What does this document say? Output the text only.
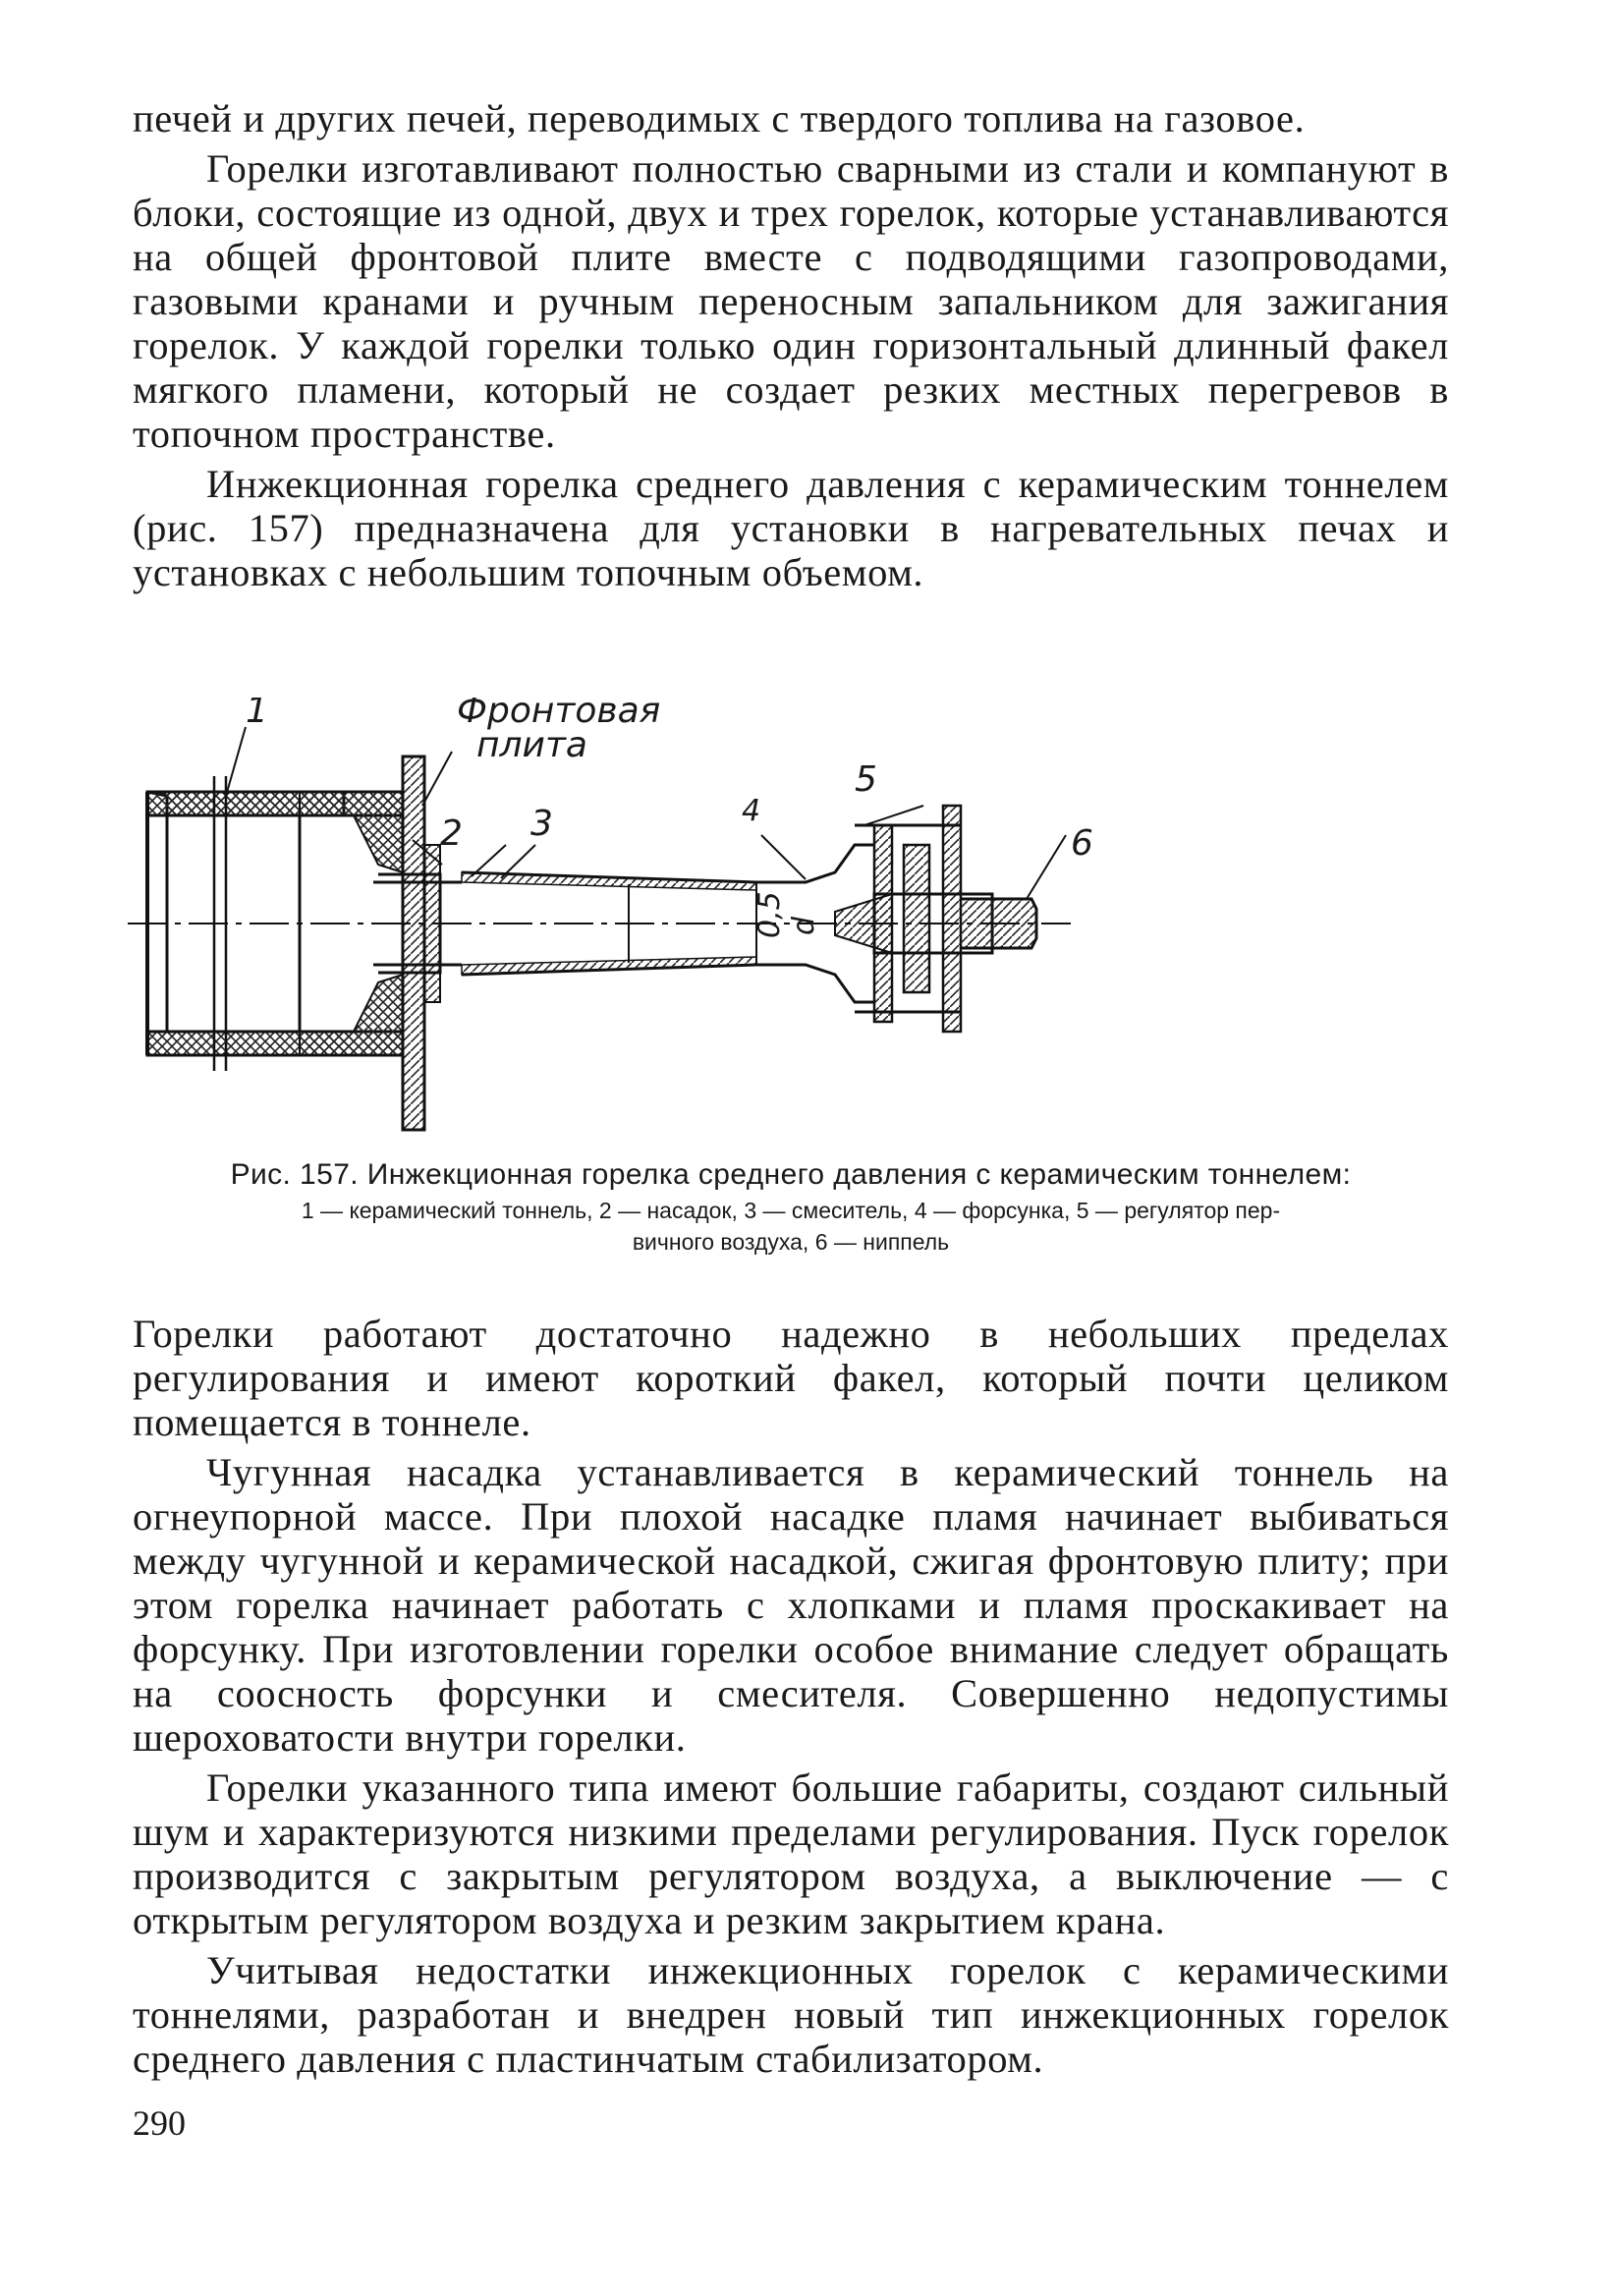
печей и других печей, переводимых с твердого топлива на газовое.

Горелки изготавливают полностью сварными из стали и компануют в блоки, состоящие из одной, двух и трех горелок, которые устанавливаются на общей фронтовой плите вместе с подводящими газопроводами, газовыми кранами и ручным переносным запальником для зажигания горелок. У каждой горелки только один горизонтальный длинный факел мягкого пламени, который не создает резких местных перегревов в топочном пространстве.

Инжекционная горелка среднего давления с керамическим тоннелем (рис. 157) предназначена для установки в нагревательных печах и установках с небольшим топочным объемом.

1	Фронтовая
плита
2 3	4
5
6
0,5 d
Рис. 157. Инжекционная горелка среднего давления с керамическим тоннелем:
1 — керамический тоннель, 2 — насадок, 3 — смеситель, 4 — форсунка, 5 — регулятор пер-
вичного воздуха, 6 — ниппель

Горелки работают достаточно надежно в небольших пределах регулирования и имеют короткий факел, который почти целиком помещается в тоннеле.

Чугунная насадка устанавливается в керамический тоннель на огнеупорной массе. При плохой насадке пламя начинает выбиваться между чугунной и керамической насадкой, сжигая фронтовую плиту; при этом горелка начинает работать с хлопками и пламя проскакивает на форсунку. При изготовлении горелки особое внимание следует обращать на соосность форсунки и смесителя. Совершенно недопустимы шероховатости внутри горелки.

Горелки указанного типа имеют большие габариты, создают сильный шум и характеризуются низкими пределами регулирования. Пуск горелок производится с закрытым регулятором воздуха, а выключение — с открытым регулятором воздуха и резким закрытием крана.

Учитывая недостатки инжекционных горелок с керамическими тоннелями, разработан и внедрен новый тип инжекционных горелок среднего давления с пластинчатым стабилизатором.

290
